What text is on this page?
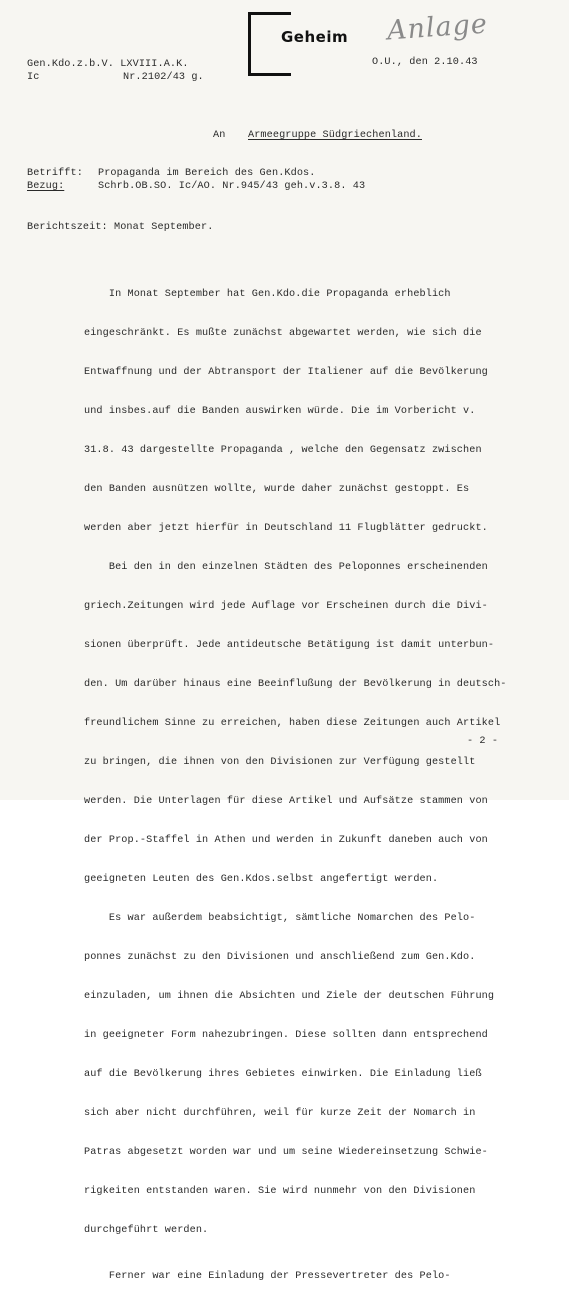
Gen.Kdo.z.b.V. LXVIII.A.K.
Ic	Nr.2102/43 g.
Geheim Anlage
O.U., den 2.10.43
An Armeegruppe Südgriechenland.
Betrifft: Propaganda im Bereich des Gen.Kdos.
Bezug:	Schrb.OB.SO. Ic/AO. Nr.945/43 geh.v.3.8. 43
Berichtszeit: Monat September.

In Monat September hat Gen.Kdo.die Propaganda erheblich

eingeschränkt. Es mußte zunächst abgewartet werden, wie sich die

Entwaffnung und der Abtransport der Italiener auf die Bevölkerung

und insbes.auf die Banden auswirken würde. Die im Vorbericht v.

31.8. 43 dargestellte Propaganda , welche den Gegensatz zwischen

den Banden ausnützen wollte, wurde daher zunächst gestoppt. Es

werden aber jetzt hierfür in Deutschland 11 Flugblätter gedruckt.

Bei den in den einzelnen Städten des Peloponnes erscheinenden

griech.Zeitungen wird jede Auflage vor Erscheinen durch die Divi-

sionen überprüft. Jede antideutsche Betätigung ist damit unterbun-

den. Um darüber hinaus eine Beeinflußung der Bevölkerung in deutsch-

freundlichem Sinne zu erreichen, haben diese Zeitungen auch Artikel

zu bringen, die ihnen von den Divisionen zur Verfügung gestellt

werden. Die Unterlagen für diese Artikel und Aufsätze stammen von

der Prop.-Staffel in Athen und werden in Zukunft daneben auch von

geeigneten Leuten des Gen.Kdos.selbst angefertigt werden.

Es war außerdem beabsichtigt, sämtliche Nomarchen des Pelo-

ponnes zunächst zu den Divisionen und anschließend zum Gen.Kdo.

einzuladen, um ihnen die Absichten und Ziele der deutschen Führung

in geeigneter Form nahezubringen. Diese sollten dann entsprechend

auf die Bevölkerung ihres Gebietes einwirken. Die Einladung ließ

sich aber nicht durchführen, weil für kurze Zeit der Nomarch in

Patras abgesetzt worden war und um seine Wiedereinsetzung Schwie-

rigkeiten entstanden waren. Sie wird nunmehr von den Divisionen

durchgeführt werden.

Ferner war eine Einladung der Pressevertreter des Pelo-

- 2 -
